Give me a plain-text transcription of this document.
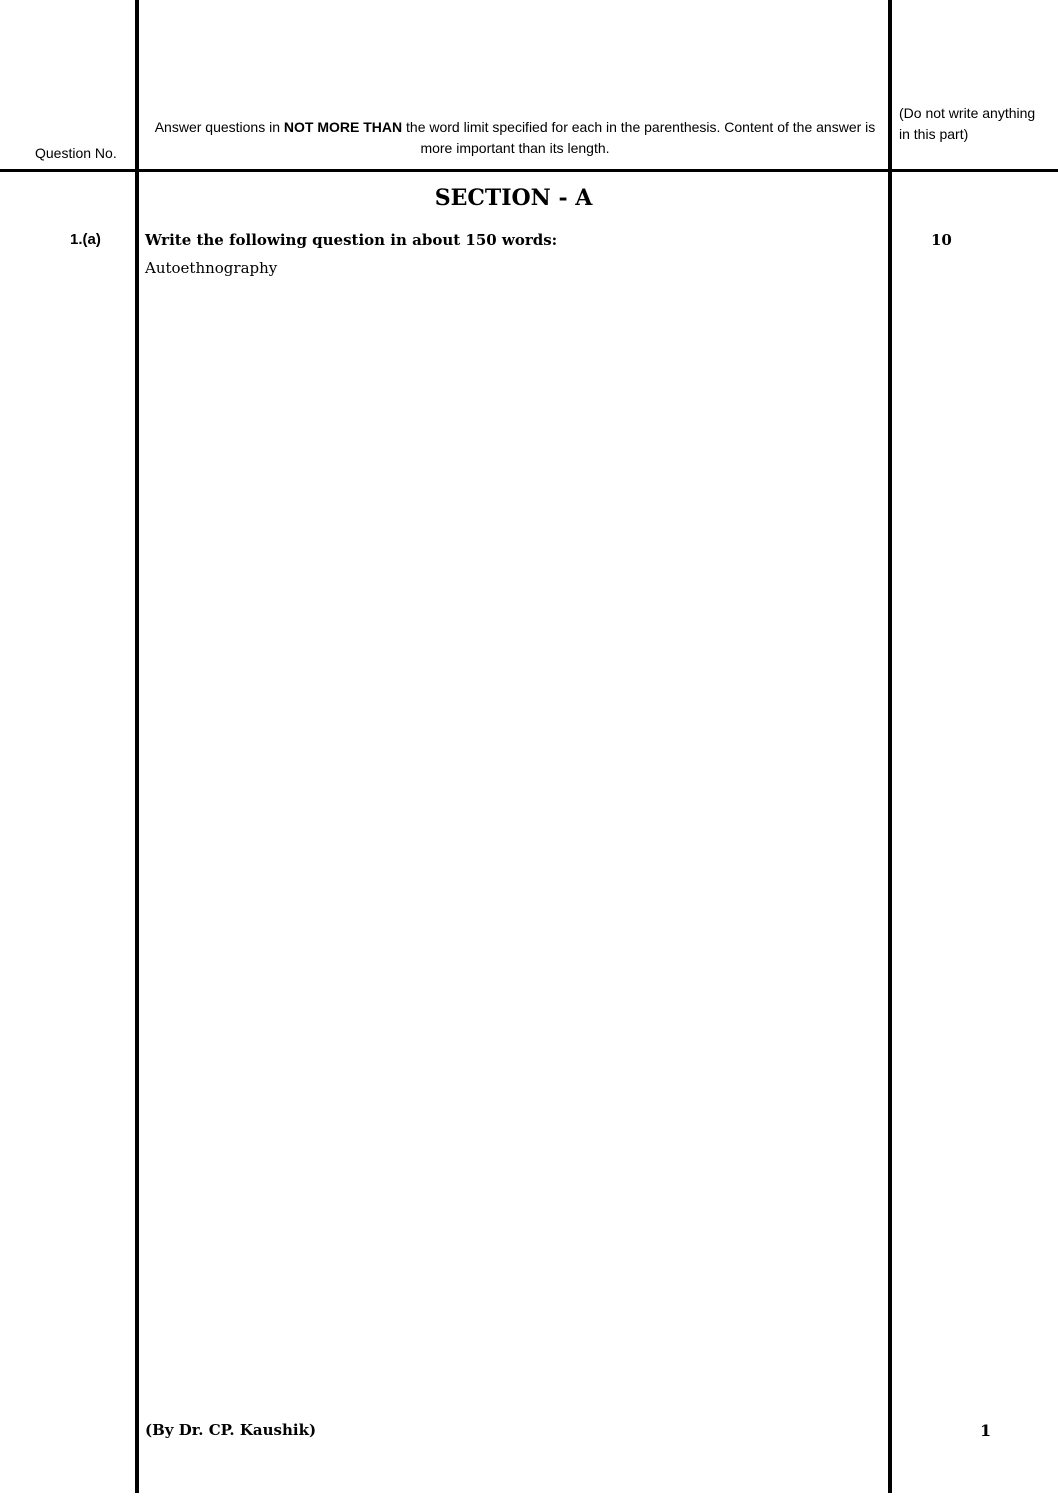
Question No.
Answer questions in NOT MORE THAN the word limit specified for each in the parenthesis. Content of the answer is more important than its length.
(Do not write anything in this part)
SECTION - A
1.(a)	Write the following question in about 150 words:
Autoethnography
10
(By Dr. CP. Kaushik)	1
